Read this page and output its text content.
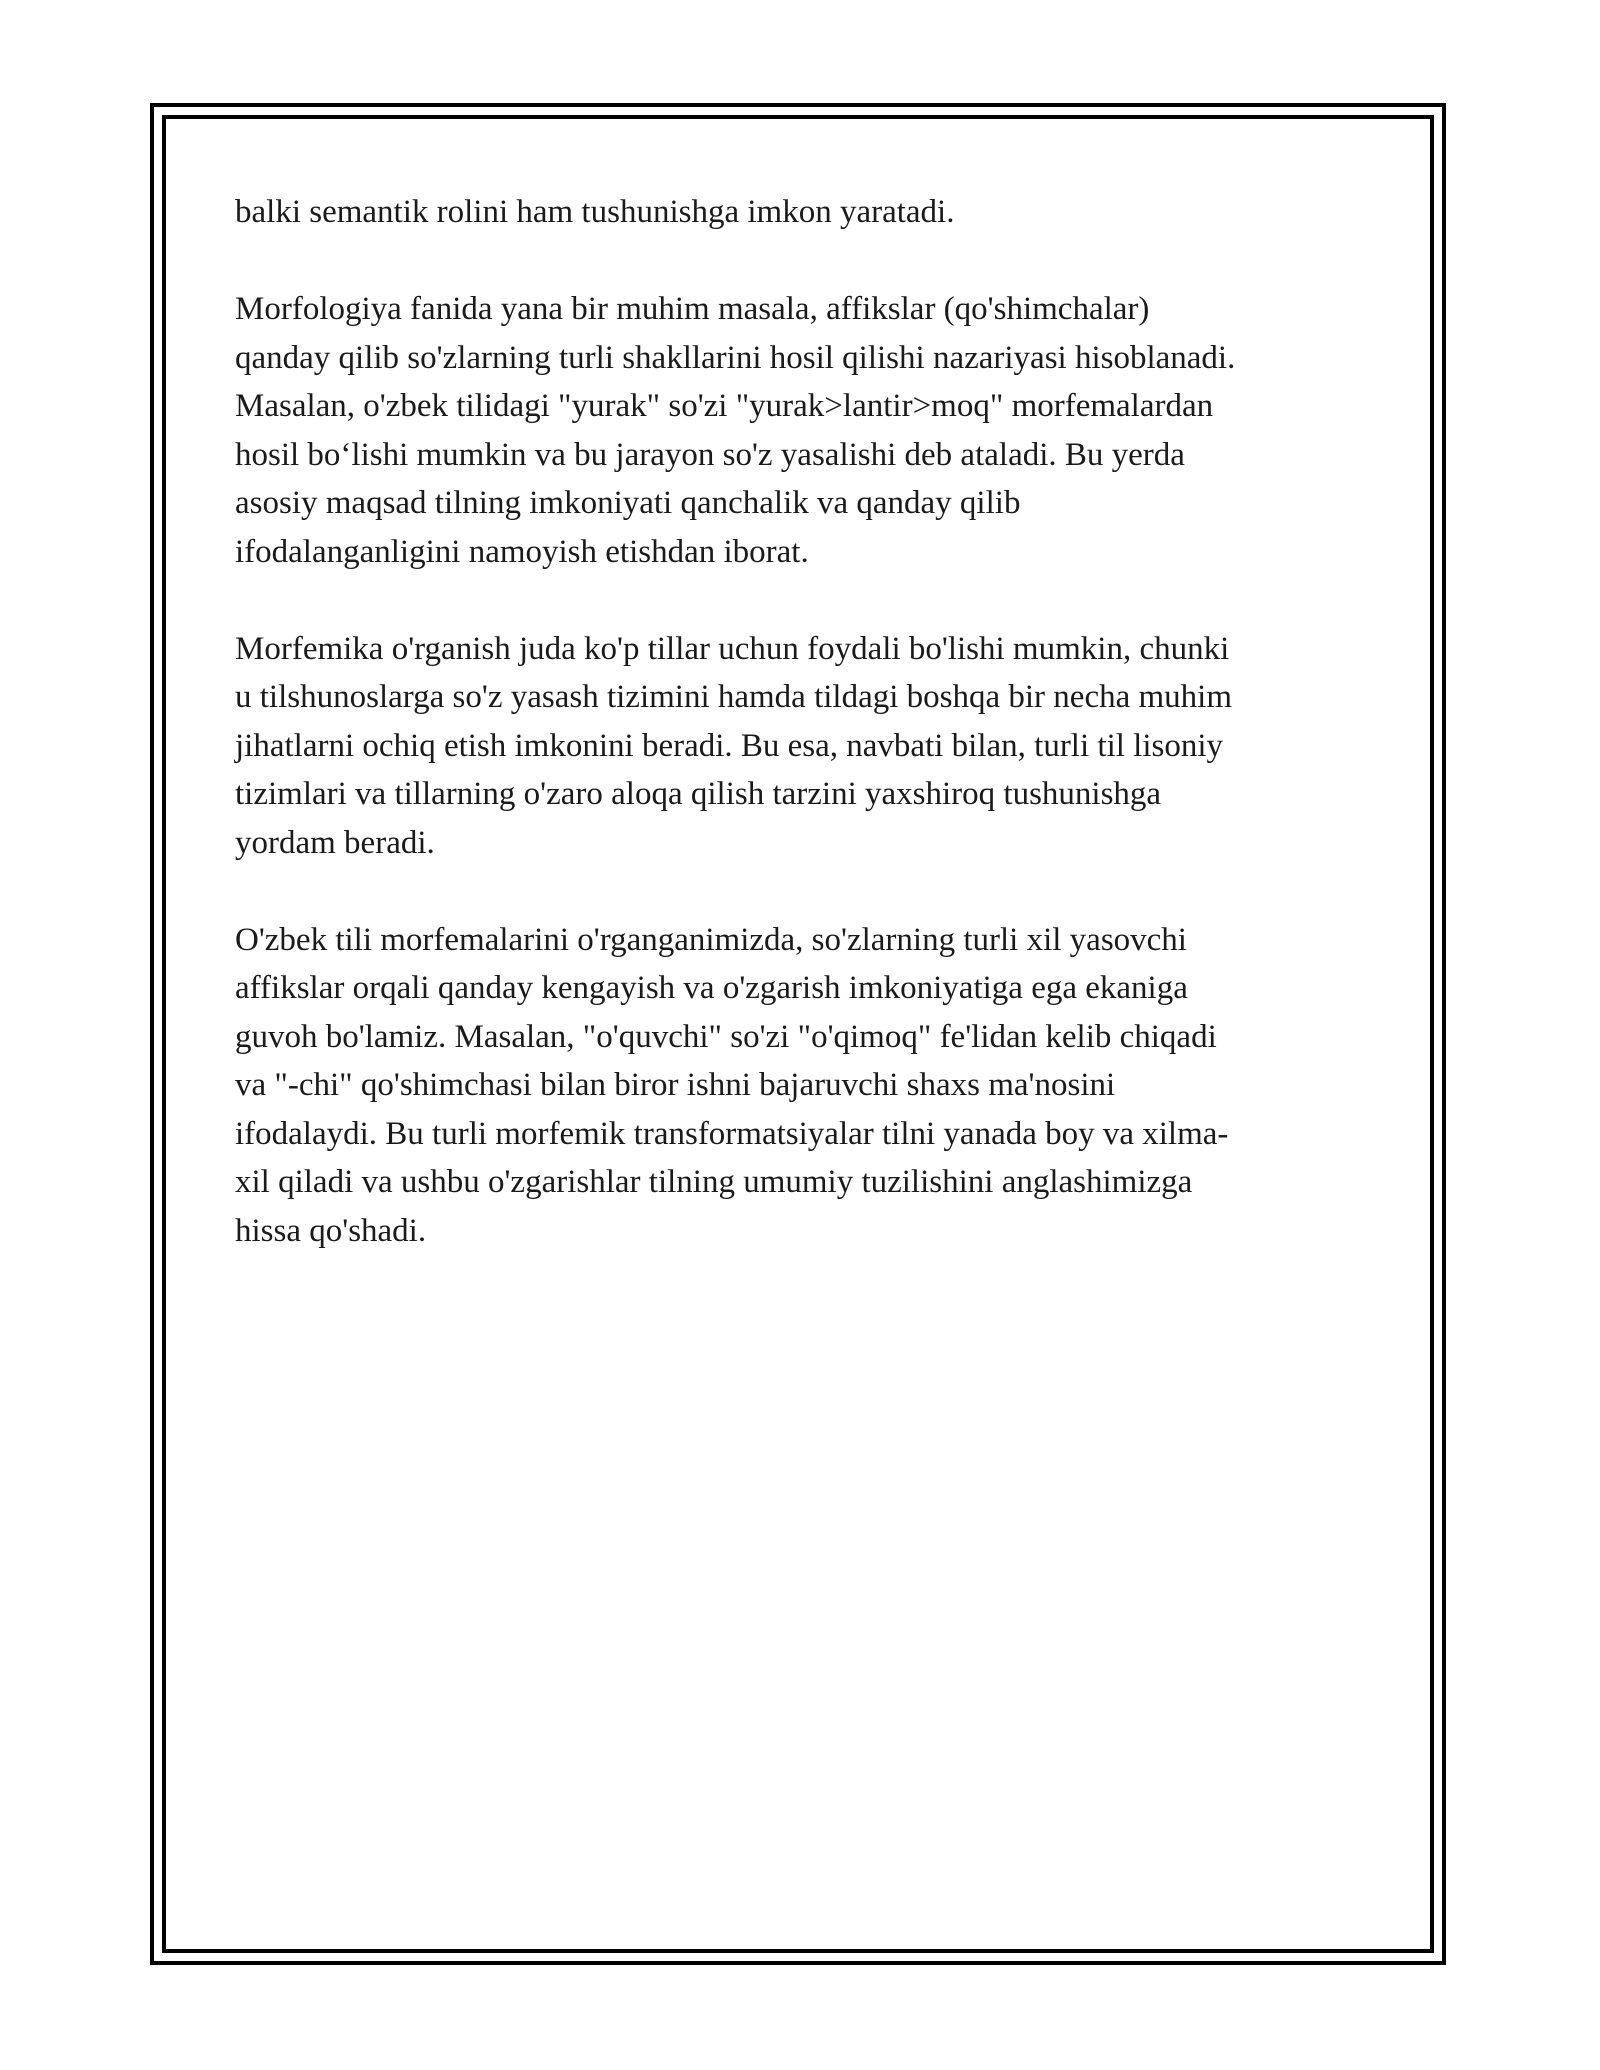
balki semantik rolini ham tushunishga imkon yaratadi.

Morfologiya fanida yana bir muhim masala, affikslar (qo'shimchalar)
qanday qilib so'zlarning turli shakllarini hosil qilishi nazariyasi hisoblanadi.
Masalan, o'zbek tilidagi "yurak" so'zi "yurak>lantir>moq" morfemalardan
hosil bo‘lishi mumkin va bu jarayon so'z yasalishi deb ataladi. Bu yerda
asosiy maqsad tilning imkoniyati qanchalik va qanday qilib
ifodalanganligini namoyish etishdan iborat.

Morfemika o'rganish juda ko'p tillar uchun foydali bo'lishi mumkin, chunki
u tilshunoslarga so'z yasash tizimini hamda tildagi boshqa bir necha muhim
jihatlarni ochiq etish imkonini beradi. Bu esa, navbati bilan, turli til lisoniy
tizimlari va tillarning o'zaro aloqa qilish tarzini yaxshiroq tushunishga
yordam beradi.

O'zbek tili morfemalarini o'rganganimizda, so'zlarning turli xil yasovchi
affikslar orqali qanday kengayish va o'zgarish imkoniyatiga ega ekaniga
guvoh bo'lamiz. Masalan, "o'quvchi" so'zi "o'qimoq" fe'lidan kelib chiqadi
va "-chi" qo'shimchasi bilan biror ishni bajaruvchi shaxs ma'nosini
ifodalaydi. Bu turli morfemik transformatsiyalar tilni yanada boy va xilma-
xil qiladi va ushbu o'zgarishlar tilning umumiy tuzilishini anglashimizga
hissa qo'shadi.
